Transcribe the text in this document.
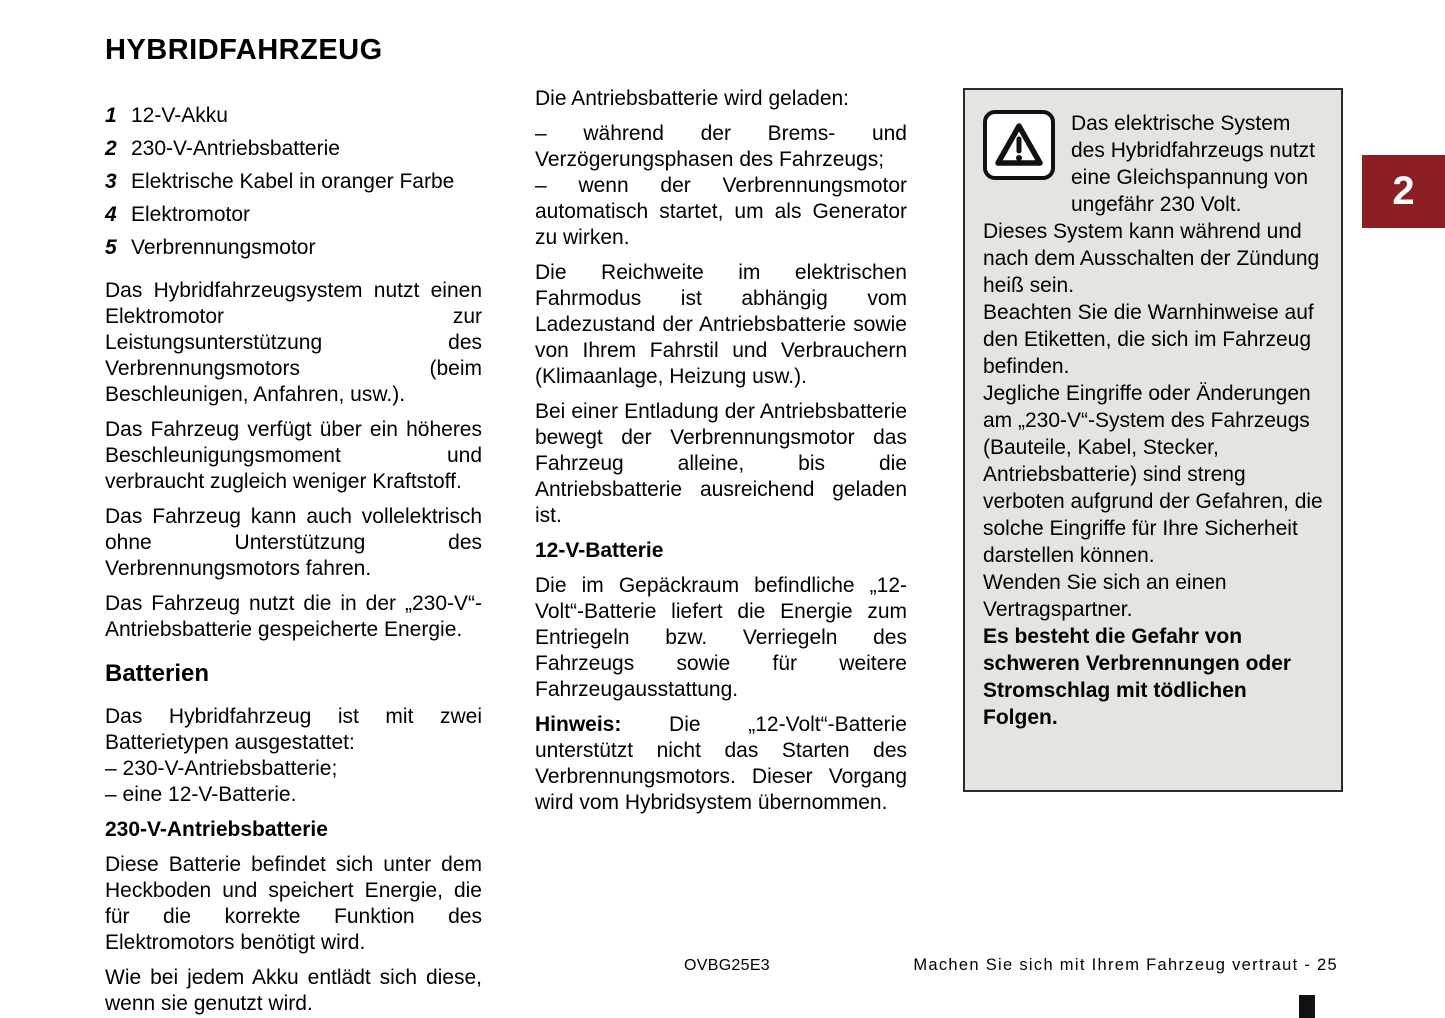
HYBRIDFAHRZEUG
1 12-V-Akku
2 230-V-Antriebsbatterie
3 Elektrische Kabel in oranger Farbe
4 Elektromotor
5 Verbrennungsmotor

Das Hybridfahrzeugsystem nutzt einen Elektromotor zur Leistungsunterstützung des Verbrennungsmotors (beim Beschleunigen, Anfahren, usw.).

Das Fahrzeug verfügt über ein höheres Beschleunigungsmoment und verbraucht zugleich weniger Kraftstoff.

Das Fahrzeug kann auch vollelektrisch ohne Unterstützung des Verbrennungsmotors fahren.

Das Fahrzeug nutzt die in der „230-V“-Antriebsbatterie gespeicherte Energie.

Batterien

Das Hybridfahrzeug ist mit zwei Batterietypen ausgestattet:

– 230-V-Antriebsbatterie;

– eine 12-V-Batterie.

230-V-Antriebsbatterie

Diese Batterie befindet sich unter dem Heckboden und speichert Energie, die für die korrekte Funktion des Elektromotors benötigt wird.

Wie bei jedem Akku entlädt sich diese, wenn sie genutzt wird.

Die Antriebsbatterie wird geladen:

– während der Brems- und Verzögerungsphasen des Fahrzeugs;

– wenn der Verbrennungsmotor automatisch startet, um als Generator zu wirken.

Die Reichweite im elektrischen Fahrmodus ist abhängig vom Ladezustand der Antriebsbatterie sowie von Ihrem Fahrstil und Verbrauchern (Klimaanlage, Heizung usw.).

Bei einer Entladung der Antriebsbatterie bewegt der Verbrennungsmotor das Fahrzeug alleine, bis die Antriebsbatterie ausreichend geladen ist.

12-V-Batterie

Die im Gepäckraum befindliche „12-Volt“-Batterie liefert die Energie zum Entriegeln bzw. Verriegeln des Fahrzeugs sowie für weitere Fahrzeugausstattung.

Hinweis: Die „12-Volt“-Batterie unterstützt nicht das Starten des Verbrennungsmotors. Dieser Vorgang wird vom Hybridsystem übernommen.

Das elektrische System des Hybridfahrzeugs nutzt eine Gleichspannung von ungefähr 230 Volt.

Dieses System kann während und nach dem Ausschalten der Zündung heiß sein.

Beachten Sie die Warnhinweise auf den Etiketten, die sich im Fahrzeug befinden.

Jegliche Eingriffe oder Änderungen am „230-V“-System des Fahrzeugs (Bauteile, Kabel, Stecker, Antriebsbatterie) sind streng verboten aufgrund der Gefahren, die solche Eingriffe für Ihre Sicherheit darstellen können.

Wenden Sie sich an einen Vertragspartner.

Es besteht die Gefahr von schweren Verbrennungen oder Stromschlag mit tödlichen Folgen.

2
OVBG25E3	Machen Sie sich mit Ihrem Fahrzeug vertraut - 25
